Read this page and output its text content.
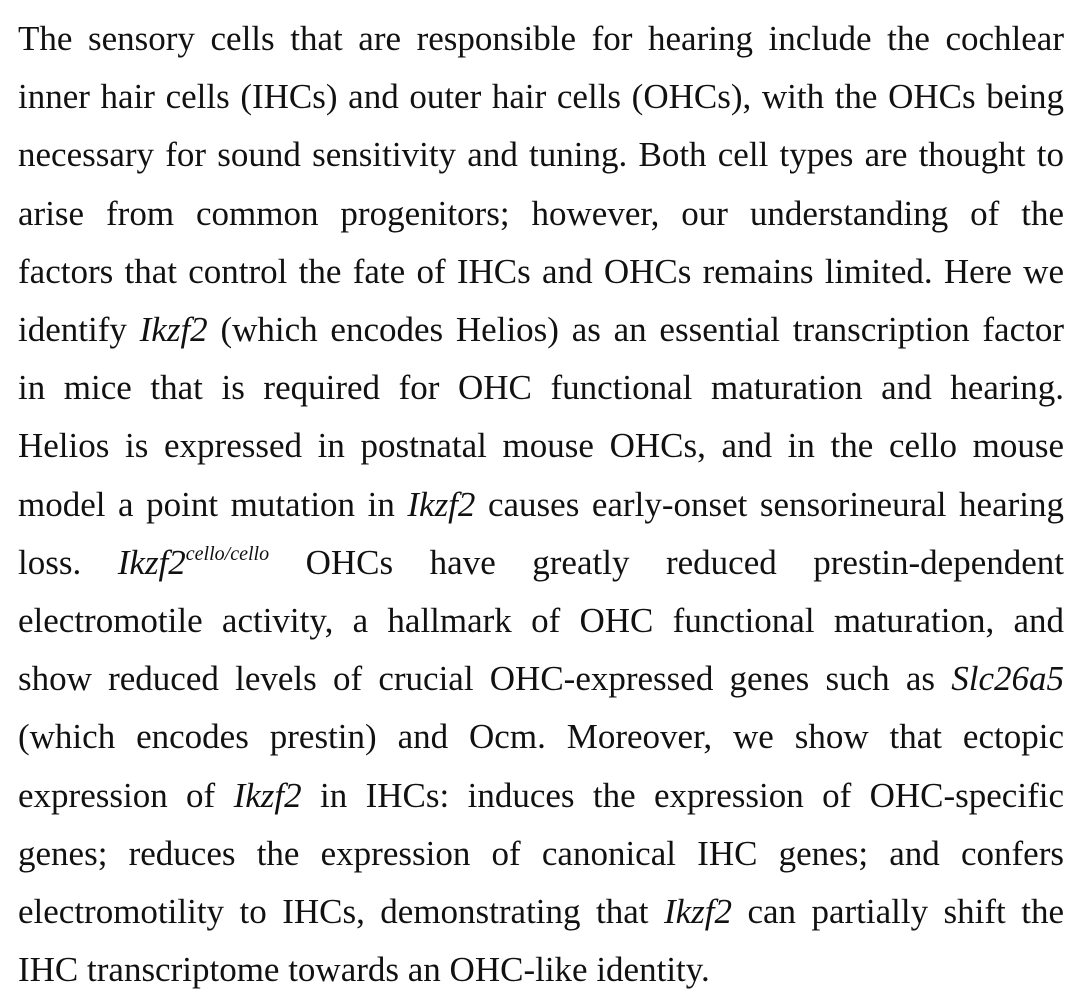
The sensory cells that are responsible for hearing include the cochlear
inner hair cells (IHCs) and outer hair cells (OHCs), with the OHCs being
necessary for sound sensitivity and tuning. Both cell types are thought to
arise from common progenitors; however, our understanding of the
factors that control the fate of IHCs and OHCs remains limited. Here we
identify Ikzf2 (which encodes Helios) as an essential transcription factor
in mice that is required for OHC functional maturation and hearing.
Helios is expressed in postnatal mouse OHCs, and in the cello mouse
model a point mutation in Ikzf2 causes early-onset sensorineural hearing
loss. $Ikzf2^{cello/cello}$ OHCs have greatly reduced prestin-dependent
electromotile activity, a hallmark of OHC functional maturation, and
show reduced levels of crucial OHC-expressed genes such as Slc26a5
(which encodes prestin) and Ocm. Moreover, we show that ectopic
expression of Ikzf2 in IHCs: induces the expression of OHC-specific
genes; reduces the expression of canonical IHC genes; and confers
electromotility to IHCs, demonstrating that Ikzf2 can partially shift the
IHC transcriptome towards an OHC-like identity.
